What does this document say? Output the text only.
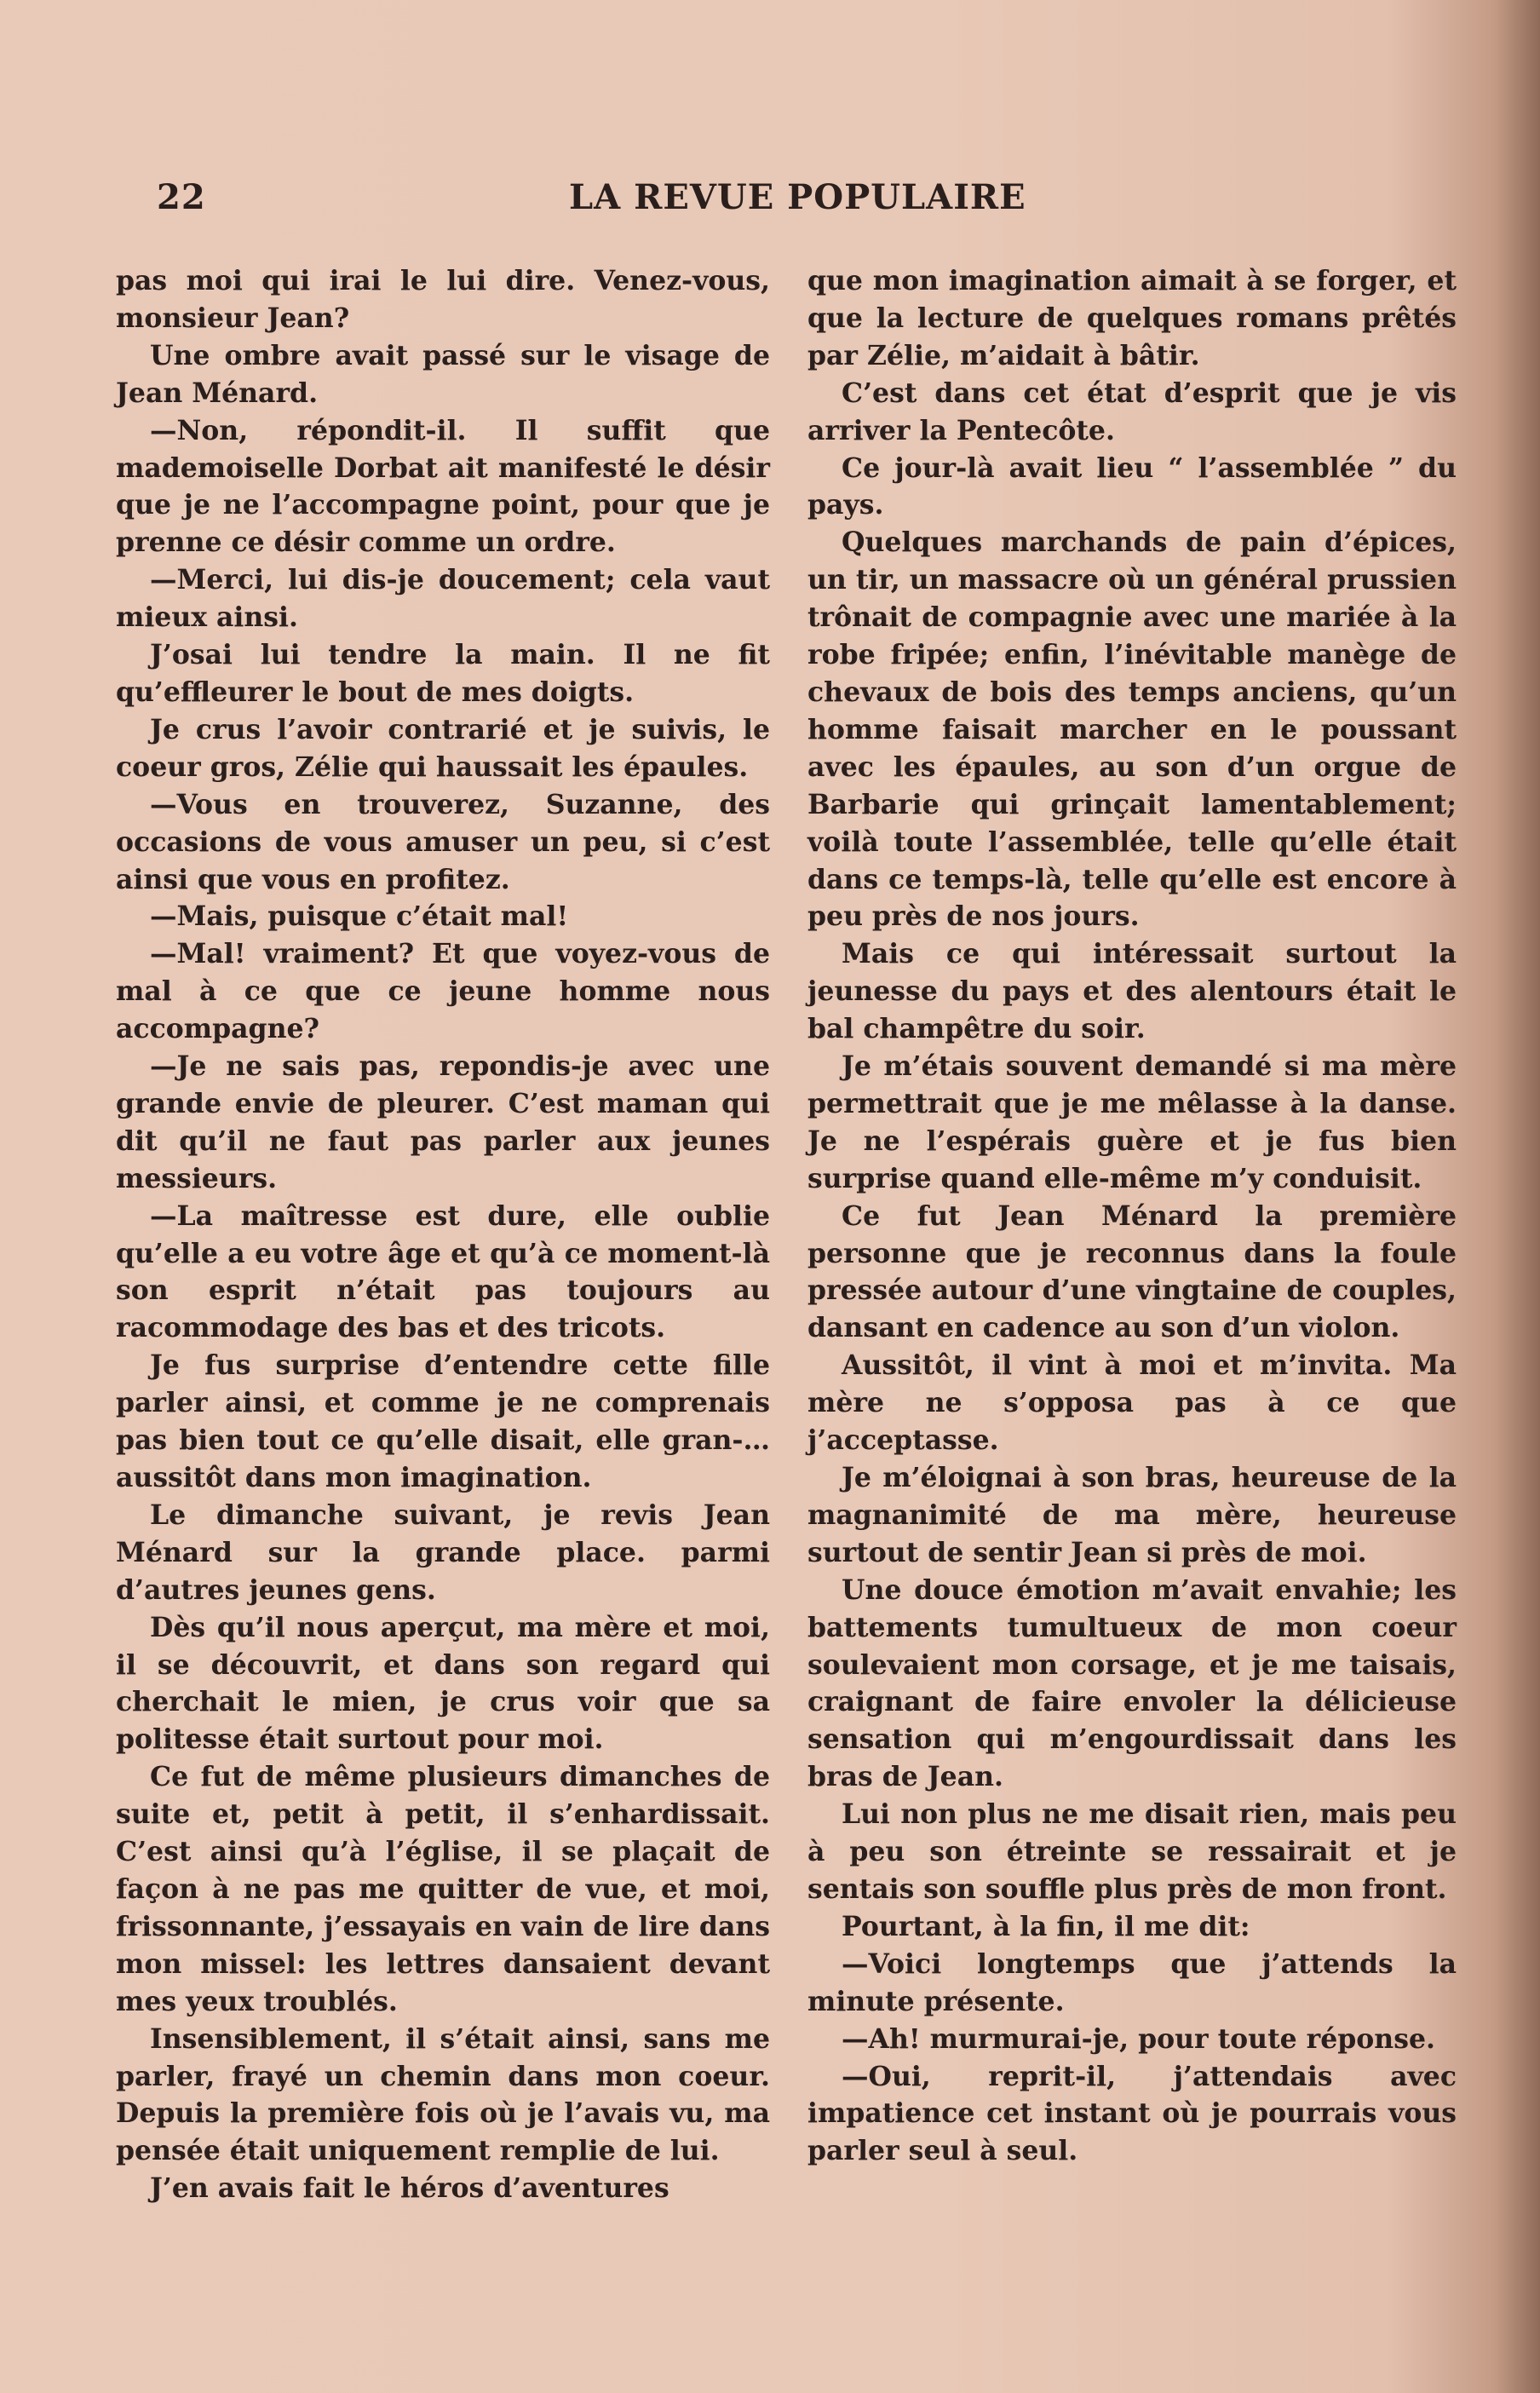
22	LA REVUE POPULAIRE

pas moi qui irai le lui dire. Venez-vous, monsieur Jean?

Une ombre avait passé sur le visage de Jean Ménard.

—Non, répondit-il. Il suffit que mademoiselle Dorbat ait manifesté le désir que je ne l’accompagne point, pour que je prenne ce désir comme un ordre.

—Merci, lui dis-je doucement; cela vaut mieux ainsi.

J’osai lui tendre la main. Il ne fit qu’effleurer le bout de mes doigts.

Je crus l’avoir contrarié et je suivis, le coeur gros, Zélie qui haussait les épaules.

—Vous en trouverez, Suzanne, des occasions de vous amuser un peu, si c’est ainsi que vous en profitez.

—Mais, puisque c’était mal!

—Mal! vraiment? Et que voyez-vous de mal à ce que ce jeune homme nous accompagne?

—Je ne sais pas, repondis-je avec une grande envie de pleurer. C’est maman qui dit qu’il ne faut pas parler aux jeunes messieurs.

—La maîtresse est dure, elle oublie qu’elle a eu votre âge et qu’à ce moment-là son esprit n’était pas toujours au racommodage des bas et des tricots.

Je fus surprise d’entendre cette fille parler ainsi, et comme je ne comprenais pas bien tout ce qu’elle disait, elle gran-… aussitôt dans mon imagination.

Le dimanche suivant, je revis Jean Ménard sur la grande place. parmi d’autres jeunes gens.

Dès qu’il nous aperçut, ma mère et moi, il se découvrit, et dans son regard qui cherchait le mien, je crus voir que sa politesse était surtout pour moi.

Ce fut de même plusieurs dimanches de suite et, petit à petit, il s’enhardissait. C’est ainsi qu’à l’église, il se plaçait de façon à ne pas me quitter de vue, et moi, frissonnante, j’essayais en vain de lire dans mon missel: les lettres dansaient devant mes yeux troublés.

Insensiblement, il s’était ainsi, sans me parler, frayé un chemin dans mon coeur. Depuis la première fois où je l’avais vu, ma pensée était uniquement remplie de lui.

J’en avais fait le héros d’aventures

que mon imagination aimait à se forger, et que la lecture de quelques romans prêtés par Zélie, m’aidait à bâtir.

C’est dans cet état d’esprit que je vis arriver la Pentecôte.

Ce jour-là avait lieu “ l’assemblée ” du pays.

Quelques marchands de pain d’épices, un tir, un massacre où un général prussien trônait de compagnie avec une mariée à la robe fripée; enfin, l’inévitable manège de chevaux de bois des temps anciens, qu’un homme faisait marcher en le poussant avec les épaules, au son d’un orgue de Barbarie qui grinçait lamentablement; voilà toute l’assemblée, telle qu’elle était dans ce temps-là, telle qu’elle est encore à peu près de nos jours.

Mais ce qui intéressait surtout la jeunesse du pays et des alentours était le bal champêtre du soir.

Je m’étais souvent demandé si ma mère permettrait que je me mêlasse à la danse. Je ne l’espérais guère et je fus bien surprise quand elle-même m’y conduisit.

Ce fut Jean Ménard la première personne que je reconnus dans la foule pressée autour d’une vingtaine de couples, dansant en cadence au son d’un violon.

Aussitôt, il vint à moi et m’invita. Ma mère ne s’opposa pas à ce que j’acceptasse.

Je m’éloignai à son bras, heureuse de la magnanimité de ma mère, heureuse surtout de sentir Jean si près de moi.

Une douce émotion m’avait envahie; les battements tumultueux de mon coeur soulevaient mon corsage, et je me taisais, craignant de faire envoler la délicieuse sensation qui m’engourdissait dans les bras de Jean.

Lui non plus ne me disait rien, mais peu à peu son étreinte se ressairait et je sentais son souffle plus près de mon front.

Pourtant, à la fin, il me dit:

—Voici longtemps que j’attends la minute présente.

—Ah! murmurai-je, pour toute réponse.

—Oui, reprit-il, j’attendais avec impatience cet instant où je pourrais vous parler seul à seul.
